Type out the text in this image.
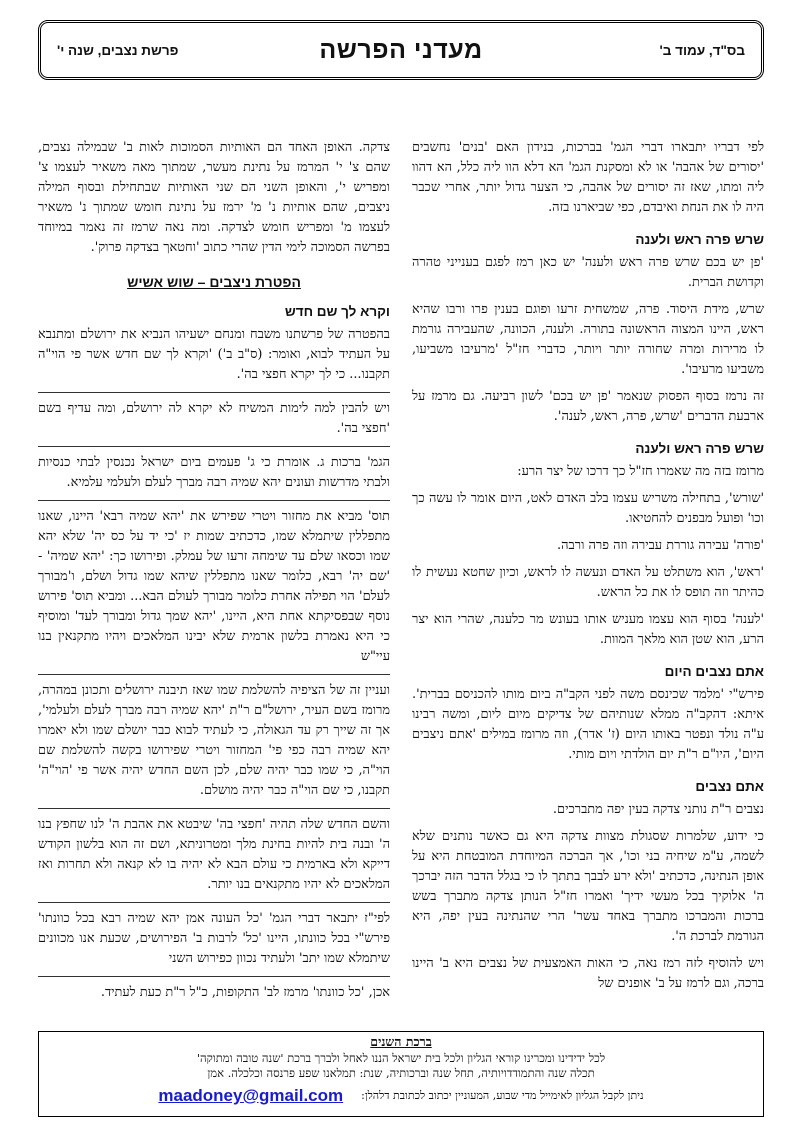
בס"ד, עמוד ב'
מעדני הפרשה
פרשת נצבים, שנה י'

לפי דבריו יתבארו דברי הגמ' בברכות, בנידון האם 'בנים' נחשבים 'יסורים של אהבה' או לא ומסקנת הגמ' הא דלא הוו ליה כלל, הא דהוו ליה ומתו, שאז זה יסורים של אהבה, כי הצער גדול יותר, אחרי שכבר היה לו את הנחת ואיבדם, כפי שביארנו בזה.

שרש פרה ראש ולענה

'פן יש בכם שרש פרה ראש ולענה' יש כאן רמז לפגם בענייני טהרה וקדושת הברית.

שרש, מידת היסוד. פרה, שמשחית זרעו ופוגם בענין פרו ורבו שהיא ראש, היינו המצוה הראשונה בתורה. ולענה, הכוונה, שהעבירה גורמת לו מרירות ומרה שחורה יותר ויותר, כדברי חז"ל 'מרעיבו משביעו, משביעו מרעיבו'.

זה נרמז בסוף הפסוק שנאמר 'פן יש בכם' לשון רביעה. גם מרמז על ארבעת הדברים 'שרש, פרה, ראש, לענה'.

שרש פרה ראש ולענה

מרומז בזה מה שאמרו חז"ל כך דרכו של יצר הרע:

'שורש', בתחילה משריש עצמו בלב האדם לאט, היום אומר לו עשה כך וכו' ופועל מבפנים להחטיאו.

'פורה' עבירה גוררת עבירה וזה פרה ורבה.

'ראש', הוא משתלט על האדם ונעשה לו לראש, וכיון שחטא נעשית לו כהיתר וזה תופס לו את כל הראש.

'לענה' בסוף הוא עצמו מעניש אותו בעונש מר כלענה, שהרי הוא יצר הרע, הוא שטן הוא מלאך המוות.

אתם נצבים היום

פירש"י 'מלמד שכינסם משה לפני הקב"ה ביום מותו להכניסם בברית'. איתא: דהקב"ה ממלא שנותיהם של צדיקים מיום ליום, ומשה רבינו ע"ה נולד ונפטר באותו היום (ז' אדר), וזה מרומז במילים 'אתם ניצבים היום', היו"ם ר"ת יום הולדתי ויום מותי.

אתם נצבים

נצבים ר"ת נותני צדקה בעין יפה מתברכים.

כי ידוע, שלמרות שסגולת מצוות צדקה היא גם כאשר נותנים שלא לשמה, ע"מ שיחיה בני וכו', אך הברכה המיוחדת המובטחת היא על אופן הנתינה, כדכתיב 'ולא ירע לבבך בתתך לו כי בגלל הדבר הזה יברכך ה' אלוקיך בכל מעשי ידיך' ואמרו חז"ל הנותן צדקה מתברך בשש ברכות והמברכו מתברך באחד עשר' הרי שהנתינה בעין יפה, היא הגורמת לברכת ה'.

ויש להוסיף לזה רמז נאה, כי האות האמצעית של נצבים היא ב' היינו ברכה, וגם לרמז על ב' אופנים של

צדקה. האופן האחד הם האותיות הסמוכות לאות ב' שבמילה נצבים, שהם צ' י' המרמז על נתינת מעשר, שמתוך מאה משאיר לעצמו צ' ומפריש י', והאופן השני הם שני האותיות שבתחילת ובסוף המילה ניצבים, שהם אותיות נ' מ' ירמז על נתינת חומש שמתוך נ' משאיר לעצמו מ' ומפריש חומש לצדקה. ומה נאה שרמז זה נאמר במיוחד בפרשה הסמוכה לימי הדין שהרי כתוב 'וחטאך בצדקה פרוק'.

הפטרת ניצבים – שוש אשיש
וקרא לך שם חדש

בהפטרה של פרשתנו משבח ומנחם ישעיהו הנביא את ירושלם ומתנבא על העתיד לבוא, ואומר: (ס"ב ב') 'וקרא לך שם חדש אשר פי הוי"ה תקבנו... כי לך יקרא חפצי בה'.

ויש להבין למה לימות המשיח לא יקרא לה ירושלם, ומה עדיף בשם 'חפצי בה'.

הגמ' ברכות ג. אומרת כי ג' פעמים ביום ישראל נכנסין לבתי כנסיות ולבתי מדרשות ועונים יהא שמיה רבה מברך לעלם ולעלמי עלמיא.

תוס' מביא את מחזור ויטרי שפירש את 'יהא שמיה רבא' היינו, שאנו מתפללין שיתמלא שמו, כדכתיב שמות יז 'כי יד על כס יה' שלא יהא שמו וכסאו שלם עד שימחה זרעו של עמלק. ופירושו כך: 'יהא שמיה' - 'שם יה' רבא, כלומר שאנו מתפללין שיהא שמו גדול ושלם, ו'מבורך לעלם' הוי תפילה אחרת כלומר מבורך לעולם הבא... ומביא תוס' פירוש נוסף שבפסיקתא אחת היא, היינו, 'יהא שמך גדול ומבורך לעד' ומוסיף כי היא נאמרת בלשון ארמית שלא יבינו המלאכים ויהיו מתקנאין בנו עיי"ש

ועניין זה של הציפיה להשלמת שמו שאז תיבנה ירושלים ותכונן במהרה, מרומז בשם העיר, ירושל"ם ר"ת 'יהא שמיה רבה מברך לעלם ולעלמי', אך זה שייך רק עד הגאולה, כי לעתיד לבוא כבר יושלם שמו ולא יאמרו יהא שמיה רבה כפי פי' המחזור ויטרי שפירושו בקשה להשלמת שם הוי"ה, כי שמו כבר יהיה שלם, לכן השם החדש יהיה אשר פי 'הוי"ה' תקבנו, כי שם הוי"ה כבר יהיה מושלם.

והשם החדש שלה תהיה 'חפצי בה' שיבטא את אהבת ה' לנו שחפץ בנו ה' ובנה בית להיות בחינת מלך ומטרוניתא, ושם זה הוא בלשון הקודש דייקא ולא בארמית כי עולם הבא לא יהיה בו לא קנאה ולא תחרות ואז המלאכים לא יהיו מתקנאים בנו יותר.

לפי"ז יתבאר דברי הגמ' 'כל העונה אמן יהא שמיה רבא בכל כוונתו' פירש"י בכל כוונתו, היינו 'כל' לרבות ב' הפירושים, שכעת אנו מכוונים שיתמלא שמו יתב' ולעתיד נכוון כפירוש השני

אכן, 'כל כוונתו' מרמז לב' התקופות, כ"ל ר"ת כעת לעתיד.

ברכת השנים
לכל ידידינו ומכרינו קוראי הגליון ולכל בית ישראל הננו לאחל ולברך ברכת 'שנה טובה ומתוקה'
תכלה שנה והתמודדויותיה, תחל שנה וברכותיה, שנת: תמלאנו שפע פרנסה וכלכלה. אמן
ניתן לקבל הגליון לאימייל מדי שבוע, המעוניין יכתוב לכתובת דלהלן:
maadoney@gmail.com
